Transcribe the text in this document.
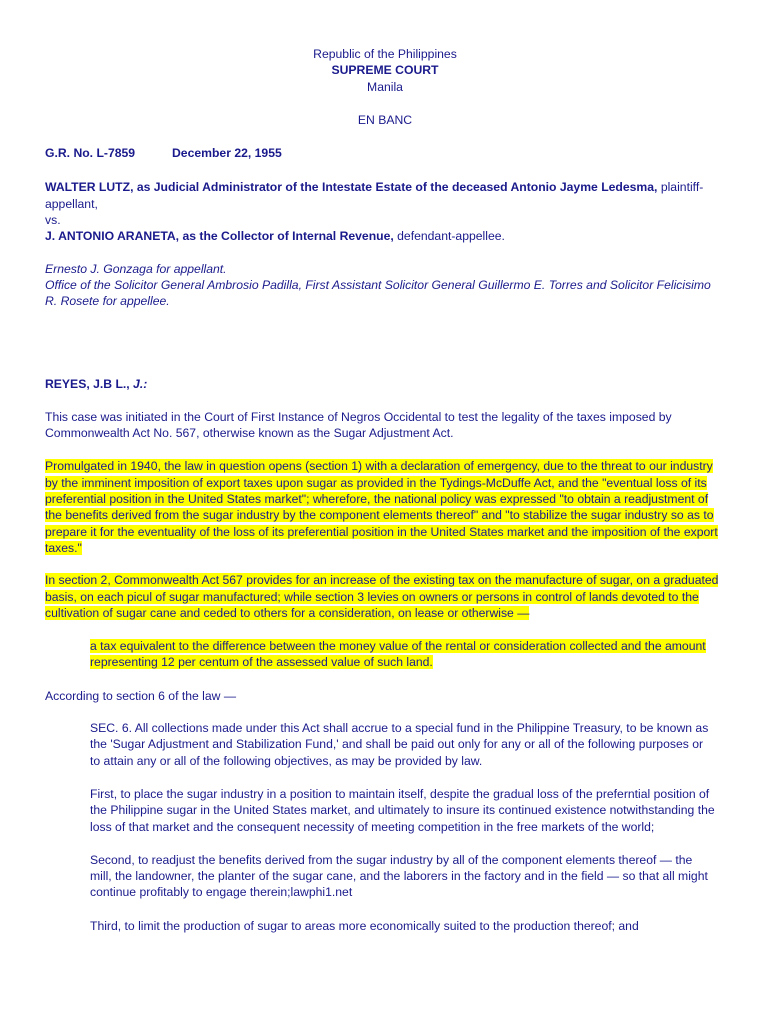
Republic of the Philippines

SUPREME COURT

Manila

EN BANC

G.R. No. L-7859	December 22, 1955

WALTER LUTZ, as Judicial Administrator of the Intestate Estate of the deceased Antonio Jayme Ledesma, plaintiff-appellant,

vs.

J. ANTONIO ARANETA, as the Collector of Internal Revenue, defendant-appellee.

Ernesto J. Gonzaga for appellant.

Office of the Solicitor General Ambrosio Padilla, First Assistant Solicitor General Guillermo E. Torres and Solicitor Felicisimo R. Rosete for appellee.

REYES, J.B L., J.:

This case was initiated in the Court of First Instance of Negros Occidental to test the legality of the taxes imposed by Commonwealth Act No. 567, otherwise known as the Sugar Adjustment Act.

Promulgated in 1940, the law in question opens (section 1) with a declaration of emergency, due to the threat to our industry by the imminent imposition of export taxes upon sugar as provided in the Tydings-McDuffe Act, and the "eventual loss of its preferential position in the United States market"; wherefore, the national policy was expressed "to obtain a readjustment of the benefits derived from the sugar industry by the component elements thereof" and "to stabilize the sugar industry so as to prepare it for the eventuality of the loss of its preferential position in the United States market and the imposition of the export taxes."

In section 2, Commonwealth Act 567 provides for an increase of the existing tax on the manufacture of sugar, on a graduated basis, on each picul of sugar manufactured; while section 3 levies on owners or persons in control of lands devoted to the cultivation of sugar cane and ceded to others for a consideration, on lease or otherwise —

a tax equivalent to the difference between the money value of the rental or consideration collected and the amount representing 12 per centum of the assessed value of such land.

According to section 6 of the law —

SEC. 6. All collections made under this Act shall accrue to a special fund in the Philippine Treasury, to be known as the 'Sugar Adjustment and Stabilization Fund,' and shall be paid out only for any or all of the following purposes or to attain any or all of the following objectives, as may be provided by law.

First, to place the sugar industry in a position to maintain itself, despite the gradual loss of the preferntial position of the Philippine sugar in the United States market, and ultimately to insure its continued existence notwithstanding the loss of that market and the consequent necessity of meeting competition in the free markets of the world;

Second, to readjust the benefits derived from the sugar industry by all of the component elements thereof — the mill, the landowner, the planter of the sugar cane, and the laborers in the factory and in the field — so that all might continue profitably to engage therein;lawphi1.net

Third, to limit the production of sugar to areas more economically suited to the production thereof; and
